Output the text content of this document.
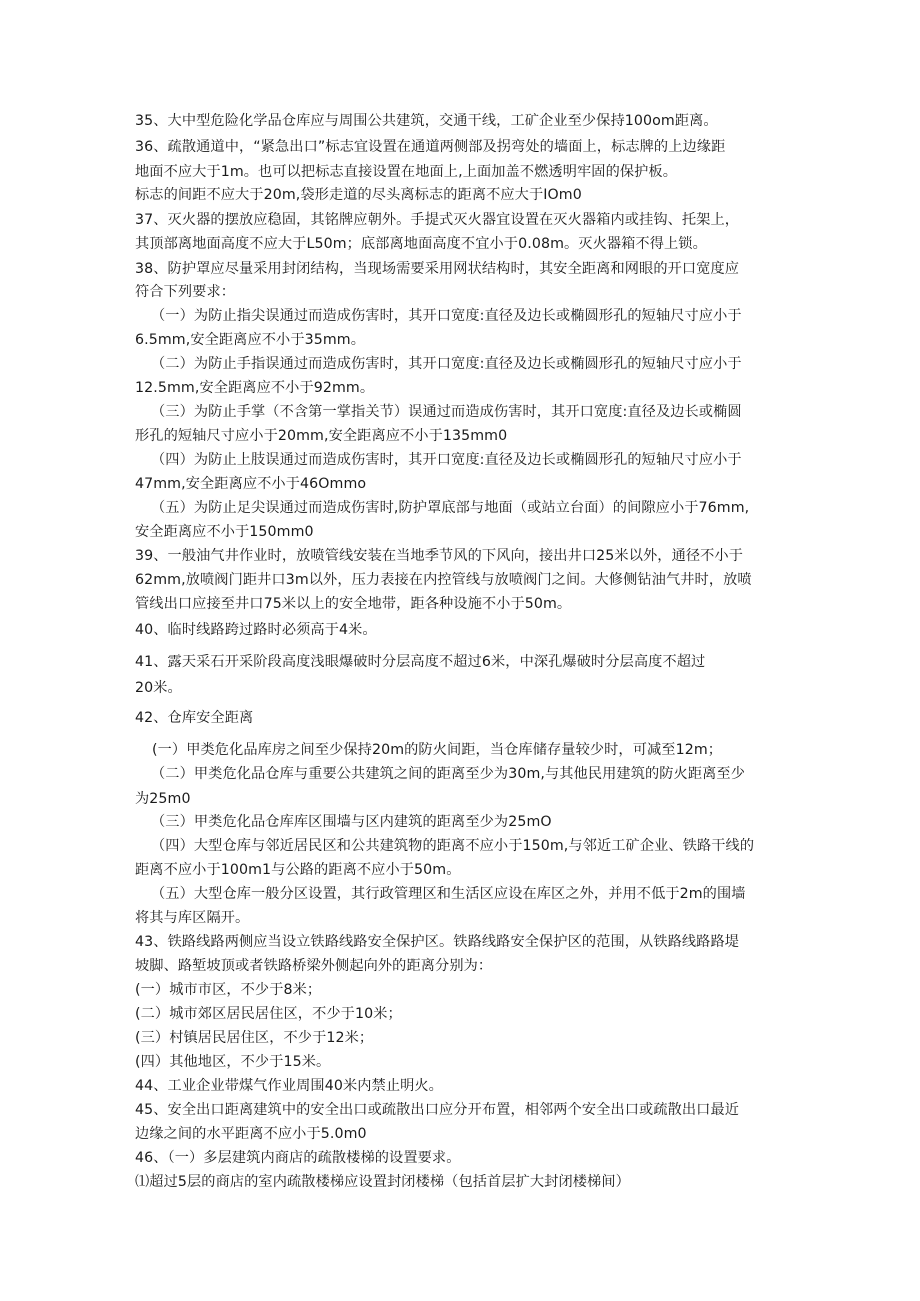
35、大中型危险化学品仓库应与周围公共建筑，交通干线，工矿企业至少保持100om距离。
36、疏散通道中，“紧急出口”标志宜设置在通道两侧部及拐弯处的墙面上，标志牌的上边缘距
地面不应大于1m。也可以把标志直接设置在地面上,上面加盖不燃透明牢固的保护板。
标志的间距不应大于20m,袋形走道的尽头离标志的距离不应大于IOm0
37、灭火器的摆放应稳固，其铭牌应朝外。手提式灭火器宜设置在灭火器箱内或挂钩、托架上，
其顶部离地面高度不应大于L50m；底部离地面高度不宜小于0.08m。灭火器箱不得上锁。
38、防护罩应尽量采用封闭结构，当现场需要采用网状结构时，其安全距离和网眼的开口宽度应
符合下列要求：
（一）为防止指尖误通过而造成伤害时，其开口宽度:直径及边长或椭圆形孔的短轴尺寸应小于
6.5mm,安全距离应不小于35mm。
（二）为防止手指误通过而造成伤害时，其开口宽度:直径及边长或椭圆形孔的短轴尺寸应小于
12.5mm,安全距离应不小于92mm。
（三）为防止手掌（不含第一掌指关节）误通过而造成伤害时，其开口宽度:直径及边长或椭圆
形孔的短轴尺寸应小于20mm,安全距离应不小于135mm0
（四）为防止上肢误通过而造成伤害时，其开口宽度:直径及边长或椭圆形孔的短轴尺寸应小于
47mm,安全距离应不小于46Ommo
（五）为防止足尖误通过而造成伤害时,防护罩底部与地面（或站立台面）的间隙应小于76mm,
安全距离应不小于150mm0
39、一般油气井作业时，放喷管线安装在当地季节风的下风向，接出井口25米以外，通径不小于
62mm,放喷阀门距井口3m以外，压力表接在内控管线与放喷阀门之间。大修侧钻油气井时，放喷
管线出口应接至井口75米以上的安全地带，距各种设施不小于50m。
40、临时线路跨过路时必须高于4米。
41、露天采石开采阶段高度浅眼爆破时分层高度不超过6米，中深孔爆破时分层高度不超过
20米。
42、仓库安全距离
(一）甲类危化品库房之间至少保持20m的防火间距，当仓库储存量较少时，可减至12m；
（二）甲类危化品仓库与重要公共建筑之间的距离至少为30m,与其他民用建筑的防火距离至少
为25m0
（三）甲类危化品仓库库区围墙与区内建筑的距离至少为25mO
（四）大型仓库与邻近居民区和公共建筑物的距离不应小于150m,与邻近工矿企业、铁路干线的
距离不应小于100m1与公路的距离不应小于50m。
（五）大型仓库一般分区设置，其行政管理区和生活区应设在库区之外，并用不低于2m的围墙
将其与库区隔开。
43、铁路线路两侧应当设立铁路线路安全保护区。铁路线路安全保护区的范围，从铁路线路路堤
坡脚、路堑坡顶或者铁路桥梁外侧起向外的距离分别为：
(一）城市市区，不少于8米；
(二）城市郊区居民居住区，不少于10米；
(三）村镇居民居住区，不少于12米；
(四）其他地区，不少于15米。
44、工业企业带煤气作业周围40米内禁止明火。
45、安全出口距离建筑中的安全出口或疏散出口应分开布置，相邻两个安全出口或疏散出口最近
边缘之间的水平距离不应小于5.0m0
46、（一）多层建筑内商店的疏散楼梯的设置要求。
⑴超过5层的商店的室内疏散楼梯应设置封闭楼梯（包括首层扩大封闭楼梯间）
